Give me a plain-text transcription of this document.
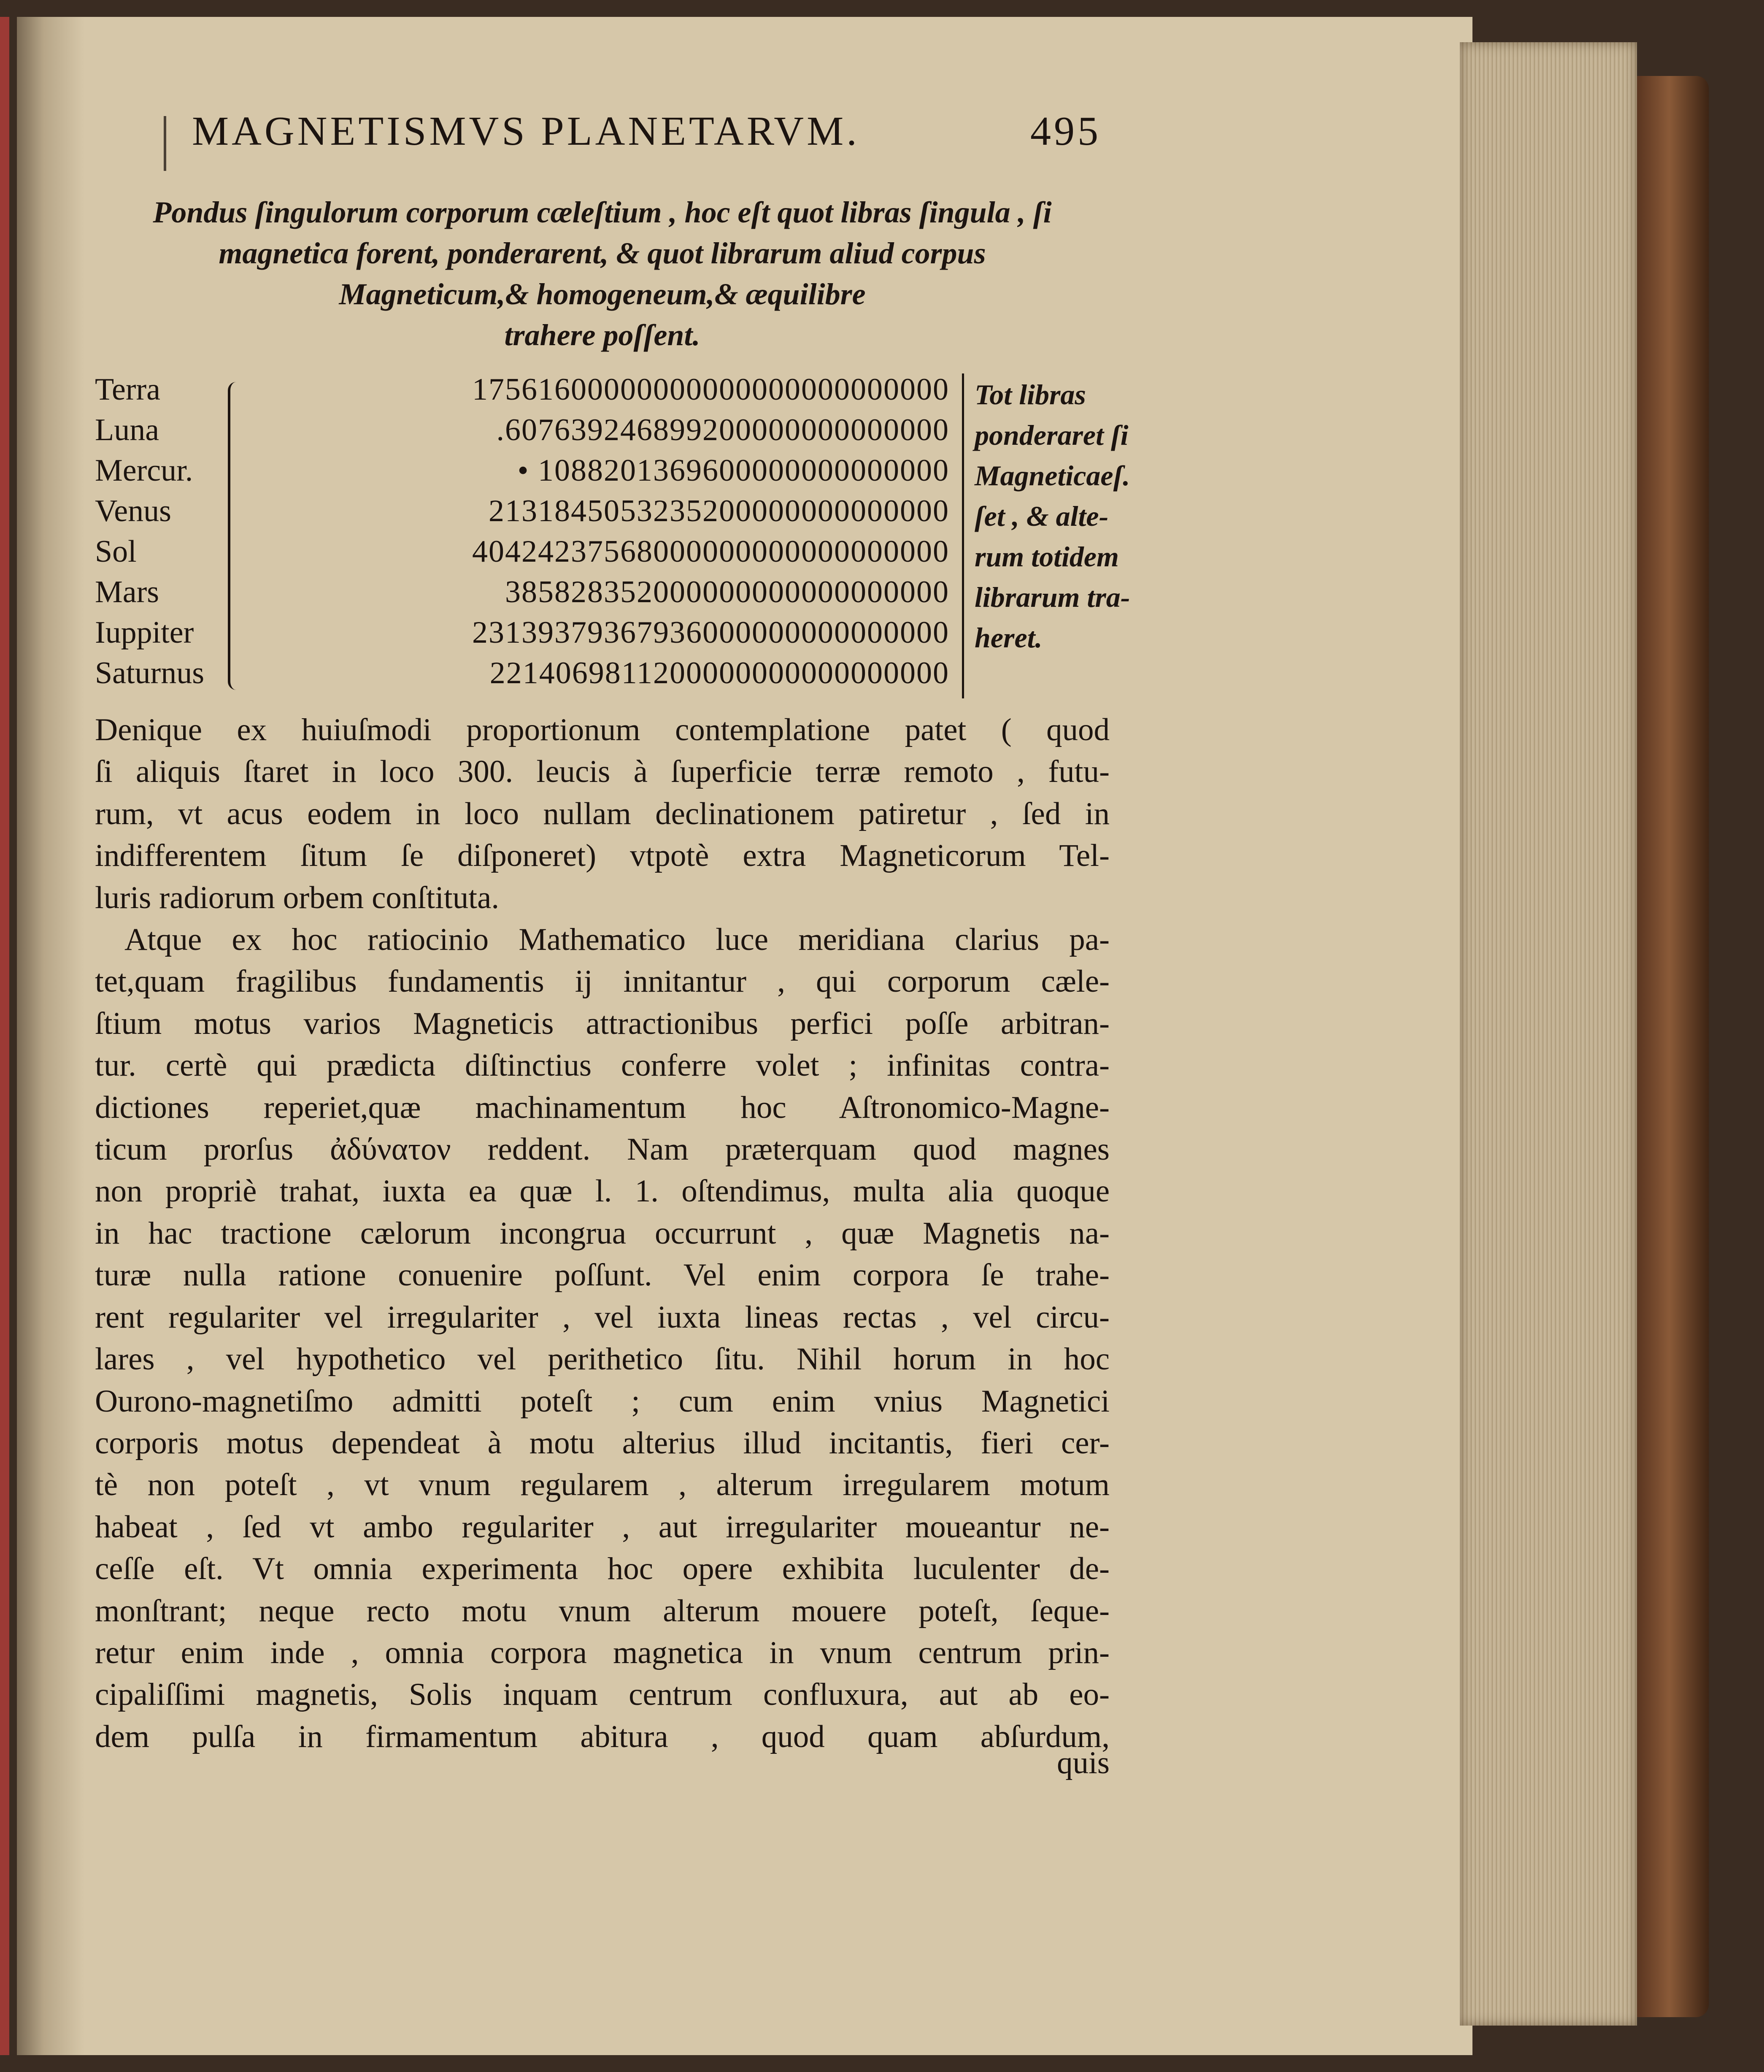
MAGNETISMVS PLANETARVM.	495
Pondus ſingulorum corporum cæleſtium , hoc eſt quot libras ſingula , ſi
magnetica forent, ponderarent, & quot librarum aliud corpus
Magneticum,& homogeneum,& æquilibre
trahere poſſent.
Terra
Luna
Mercur.
Venus
Sol
Mars
Iuppiter
Saturnus
17561600000000000000000000000
.607639246899200000000000000
• 1088201369600000000000000
2131845053235200000000000000
40424237568000000000000000000
385828352000000000000000000
23139379367936000000000000000
2214069811200000000000000000
Tot libras
ponderaret ſi
Magneticaeſ.
ſet , & alte-
rum totidem
librarum tra-
heret.
Denique ex huiuſmodi proportionum contemplatione patet ( quod
ſi aliquis ſtaret in loco 300. leucis à ſuperficie terræ remoto , futu-
rum, vt acus eodem in loco nullam declinationem patiretur , ſed in
indifferentem ſitum ſe diſponeret) vtpotè extra Magneticorum Tel-
luris radiorum orbem conſtituta.
Atque ex hoc ratiocinio Mathematico luce meridiana clarius pa-
tet,quam fragilibus fundamentis ij innitantur , qui corporum cæle-
ſtium motus varios Magneticis attractionibus perfici poſſe arbitran-
tur. certè qui prædicta diſtinctius conferre volet ; infinitas contra-
dictiones reperiet,quæ machinamentum hoc Aſtronomico-Magne-
ticum prorſus ἀδύνατον reddent. Nam præterquam quod magnes
non propriè trahat, iuxta ea quæ l. 1. oſtendimus, multa alia quoque
in hac tractione cælorum incongrua occurrunt , quæ Magnetis na-
turæ nulla ratione conuenire poſſunt. Vel enim corpora ſe trahe-
rent regulariter vel irregulariter , vel iuxta lineas rectas , vel circu-
lares , vel hypothetico vel perithetico ſitu. Nihil horum in hoc
Ourono-magnetiſmo admitti poteſt ; cum enim vnius Magnetici
corporis motus dependeat à motu alterius illud incitantis, fieri cer-
tè non poteſt , vt vnum regularem , alterum irregularem motum
habeat , ſed vt ambo regulariter , aut irregulariter moueantur ne-
ceſſe eſt. Vt omnia experimenta hoc opere exhibita luculenter de-
monſtrant; neque recto motu vnum alterum mouere poteſt, ſeque-
retur enim inde , omnia corpora magnetica in vnum centrum prin-
cipaliſſimi magnetis, Solis inquam centrum confluxura, aut ab eo-
dem pulſa in firmamentum abitura , quod quam abſurdum,
quis
